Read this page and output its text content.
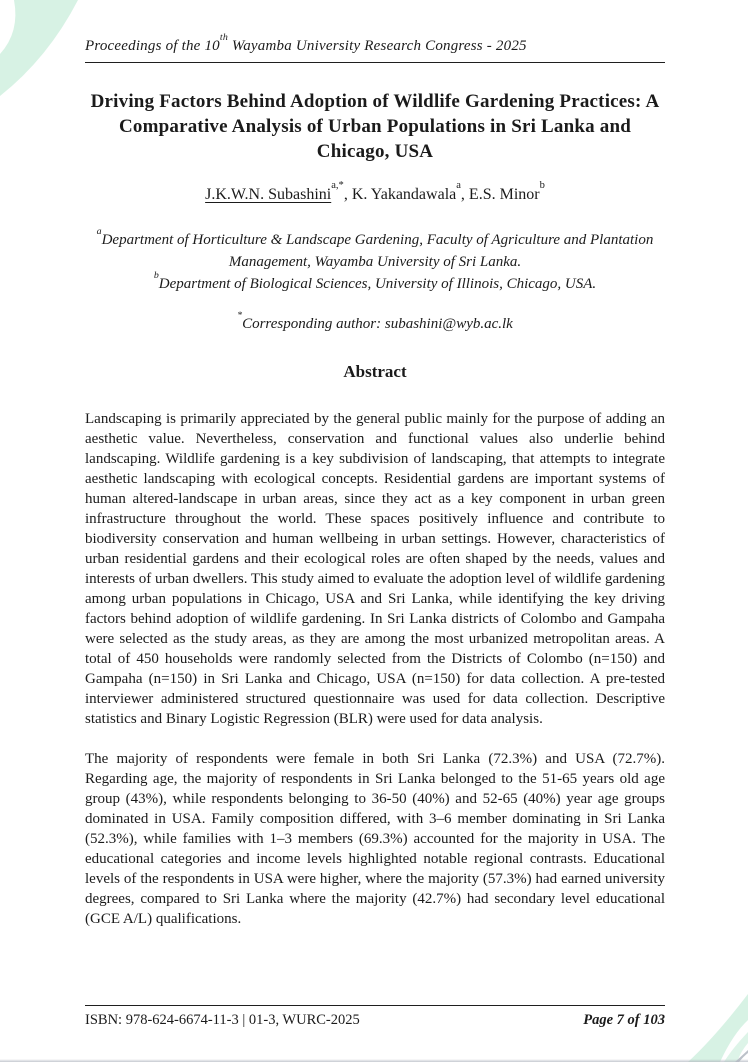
Proceedings of the 10th Wayamba University Research Congress - 2025
Driving Factors Behind Adoption of Wildlife Gardening Practices: A Comparative Analysis of Urban Populations in Sri Lanka and Chicago, USA
J.K.W.N. Subashini$^{a,*}$, K. Yakandawala$^a$, E.S. Minor$^b$
$^a$Department of Horticulture & Landscape Gardening, Faculty of Agriculture and Plantation Management, Wayamba University of Sri Lanka.
$^b$Department of Biological Sciences, University of Illinois, Chicago, USA.
*Corresponding author: subashini@wyb.ac.lk
Abstract

Landscaping is primarily appreciated by the general public mainly for the purpose of adding an aesthetic value. Nevertheless, conservation and functional values also underlie behind landscaping. Wildlife gardening is a key subdivision of landscaping, that attempts to integrate aesthetic landscaping with ecological concepts. Residential gardens are important systems of human altered-landscape in urban areas, since they act as a key component in urban green infrastructure throughout the world. These spaces positively influence and contribute to biodiversity conservation and human wellbeing in urban settings. However, characteristics of urban residential gardens and their ecological roles are often shaped by the needs, values and interests of urban dwellers. This study aimed to evaluate the adoption level of wildlife gardening among urban populations in Chicago, USA and Sri Lanka, while identifying the key driving factors behind adoption of wildlife gardening. In Sri Lanka districts of Colombo and Gampaha were selected as the study areas, as they are among the most urbanized metropolitan areas. A total of 450 households were randomly selected from the Districts of Colombo (n=150) and Gampaha (n=150) in Sri Lanka and Chicago, USA (n=150) for data collection. A pre-tested interviewer administered structured questionnaire was used for data collection. Descriptive statistics and Binary Logistic Regression (BLR) were used for data analysis.

The majority of respondents were female in both Sri Lanka (72.3%) and USA (72.7%). Regarding age, the majority of respondents in Sri Lanka belonged to the 51-65 years old age group (43%), while respondents belonging to 36-50 (40%) and 52-65 (40%) year age groups dominated in USA. Family composition differed, with 3–6 member dominating in Sri Lanka (52.3%), while families with 1–3 members (69.3%) accounted for the majority in USA. The educational categories and income levels highlighted notable regional contrasts. Educational levels of the respondents in USA were higher, where the majority (57.3%) had earned university degrees, compared to Sri Lanka where the majority (42.7%) had secondary level educational (GCE A/L) qualifications.

ISBN: 978-624-6674-11-3 | 01-3, WURC-2025	Page 7 of 103
